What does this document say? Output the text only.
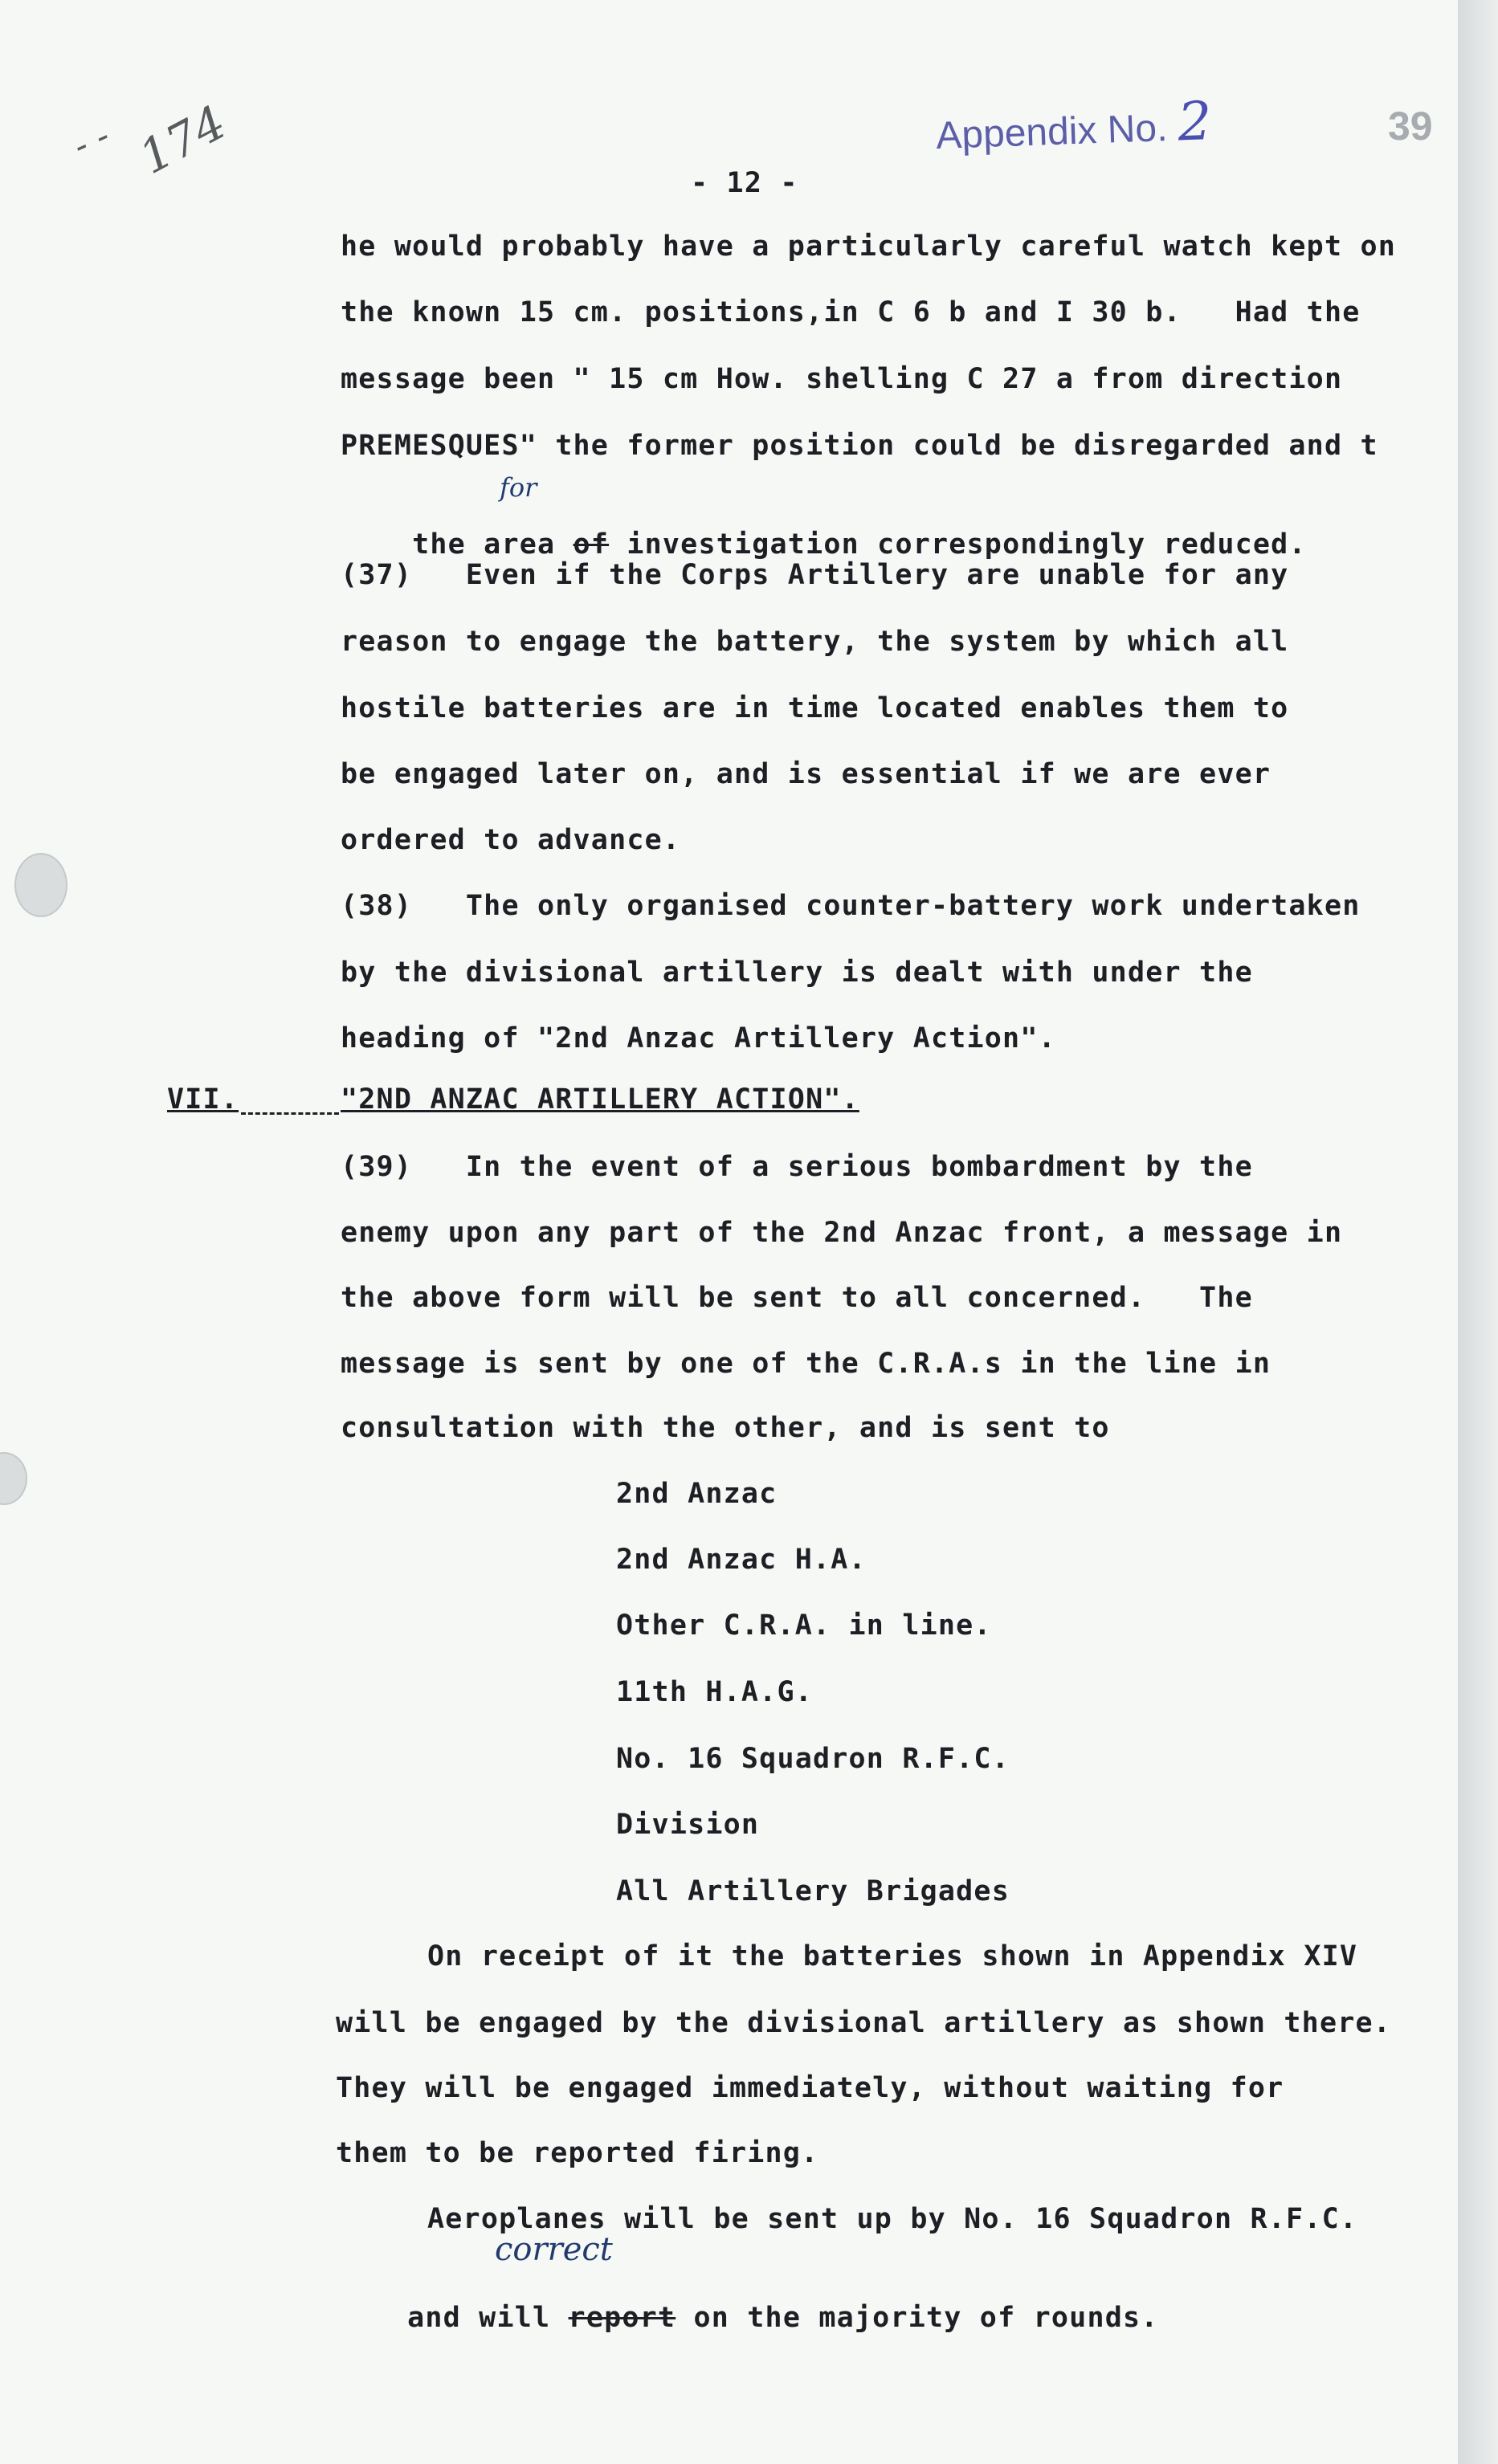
- - 174	Appendix No. 2	39
- 12 -
he would probably have a particularly careful watch kept on
the known 15 cm. positions,in C 6 b and I 30 b.   Had the
message been " 15 cm How. shelling C 27 a from direction
PREMESQUES" the former position could be disregarded and t

the area of investigation correspondingly reduced.

for
(37)   Even if the Corps Artillery are unable for any
reason to engage the battery, the system by which all
hostile batteries are in time located enables them to
be engaged later on, and is essential if we are ever
ordered to advance.
(38)   The only organised counter-battery work undertaken
by the divisional artillery is dealt with under the
heading of "2nd Anzac Artillery Action".
VII.	"2ND ANZAC ARTILLERY ACTION".
(39)   In the event of a serious bombardment by the
enemy upon any part of the 2nd Anzac front, a message in
the above form will be sent to all concerned.   The
message is sent by one of the C.R.A.s in the line in
consultation with the other, and is sent to
2nd Anzac
2nd Anzac H.A.
Other C.R.A. in line.
11th H.A.G.
No. 16 Squadron R.F.C.
Division
All Artillery Brigades
On receipt of it the batteries shown in Appendix XIV
will be engaged by the divisional artillery as shown there.
They will be engaged immediately, without waiting for
them to be reported firing.
Aeroplanes will be sent up by No. 16 Squadron R.F.C.
correct

and will report on the majority of rounds.
